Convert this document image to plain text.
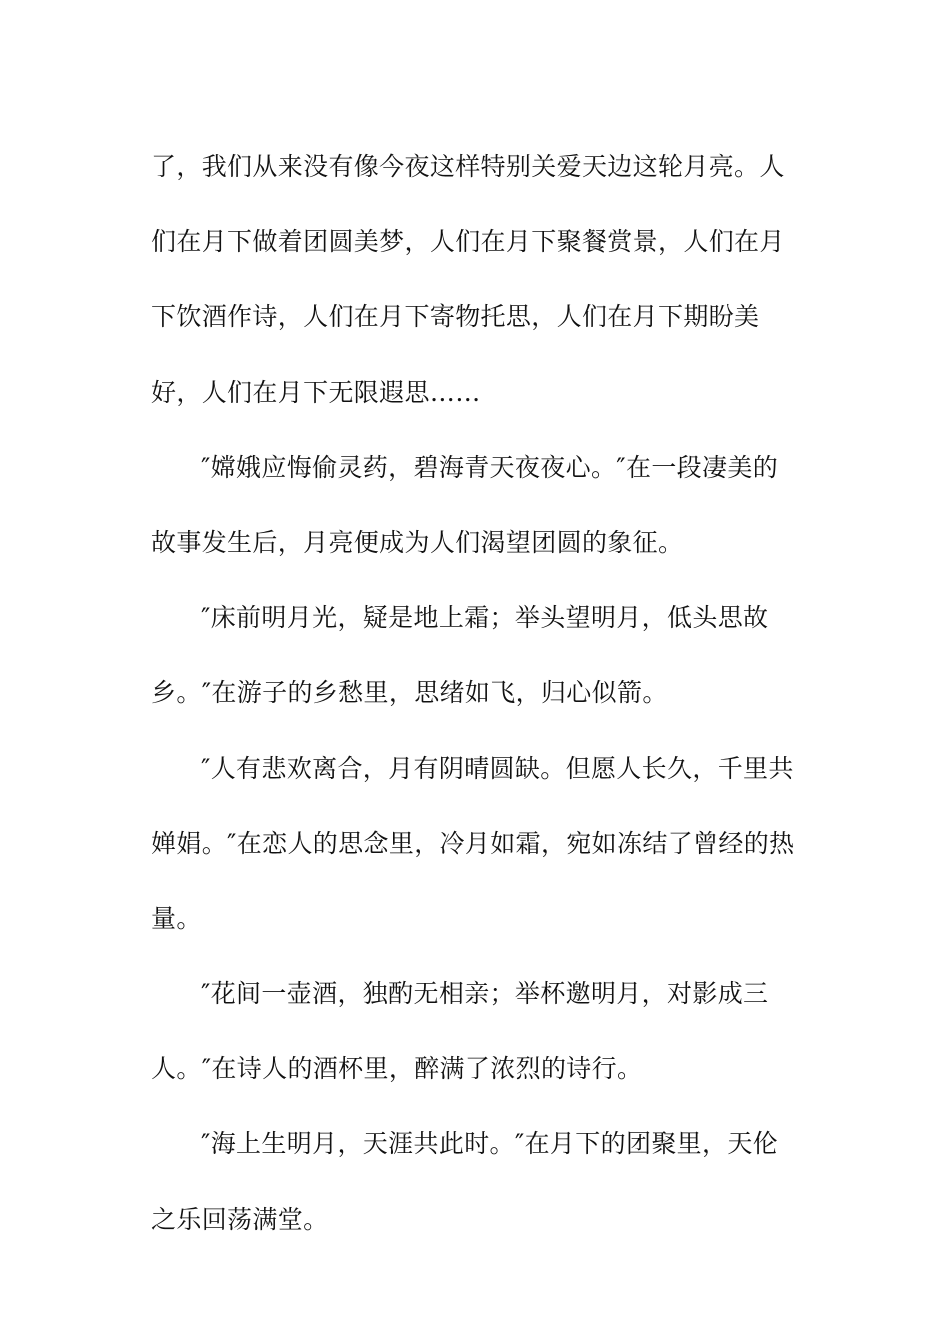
了，我们从来没有像今夜这样特别关爱天边这轮月亮。人
们在月下做着团圆美梦，人们在月下聚餐赏景，人们在月
下饮酒作诗，人们在月下寄物托思，人们在月下期盼美
好，人们在月下无限遐思……
″嫦娥应悔偷灵药，碧海青天夜夜心。″在一段凄美的
故事发生后，月亮便成为人们渴望团圆的象征。
″床前明月光，疑是地上霜；举头望明月，低头思故
乡。″在游子的乡愁里，思绪如飞，归心似箭。
″人有悲欢离合，月有阴晴圆缺。但愿人长久，千里共
婵娟。″在恋人的思念里，冷月如霜，宛如冻结了曾经的热
量。
″花间一壶酒，独酌无相亲；举杯邀明月，对影成三
人。″在诗人的酒杯里，醉满了浓烈的诗行。
″海上生明月，天涯共此时。″在月下的团聚里，天伦
之乐回荡满堂。
